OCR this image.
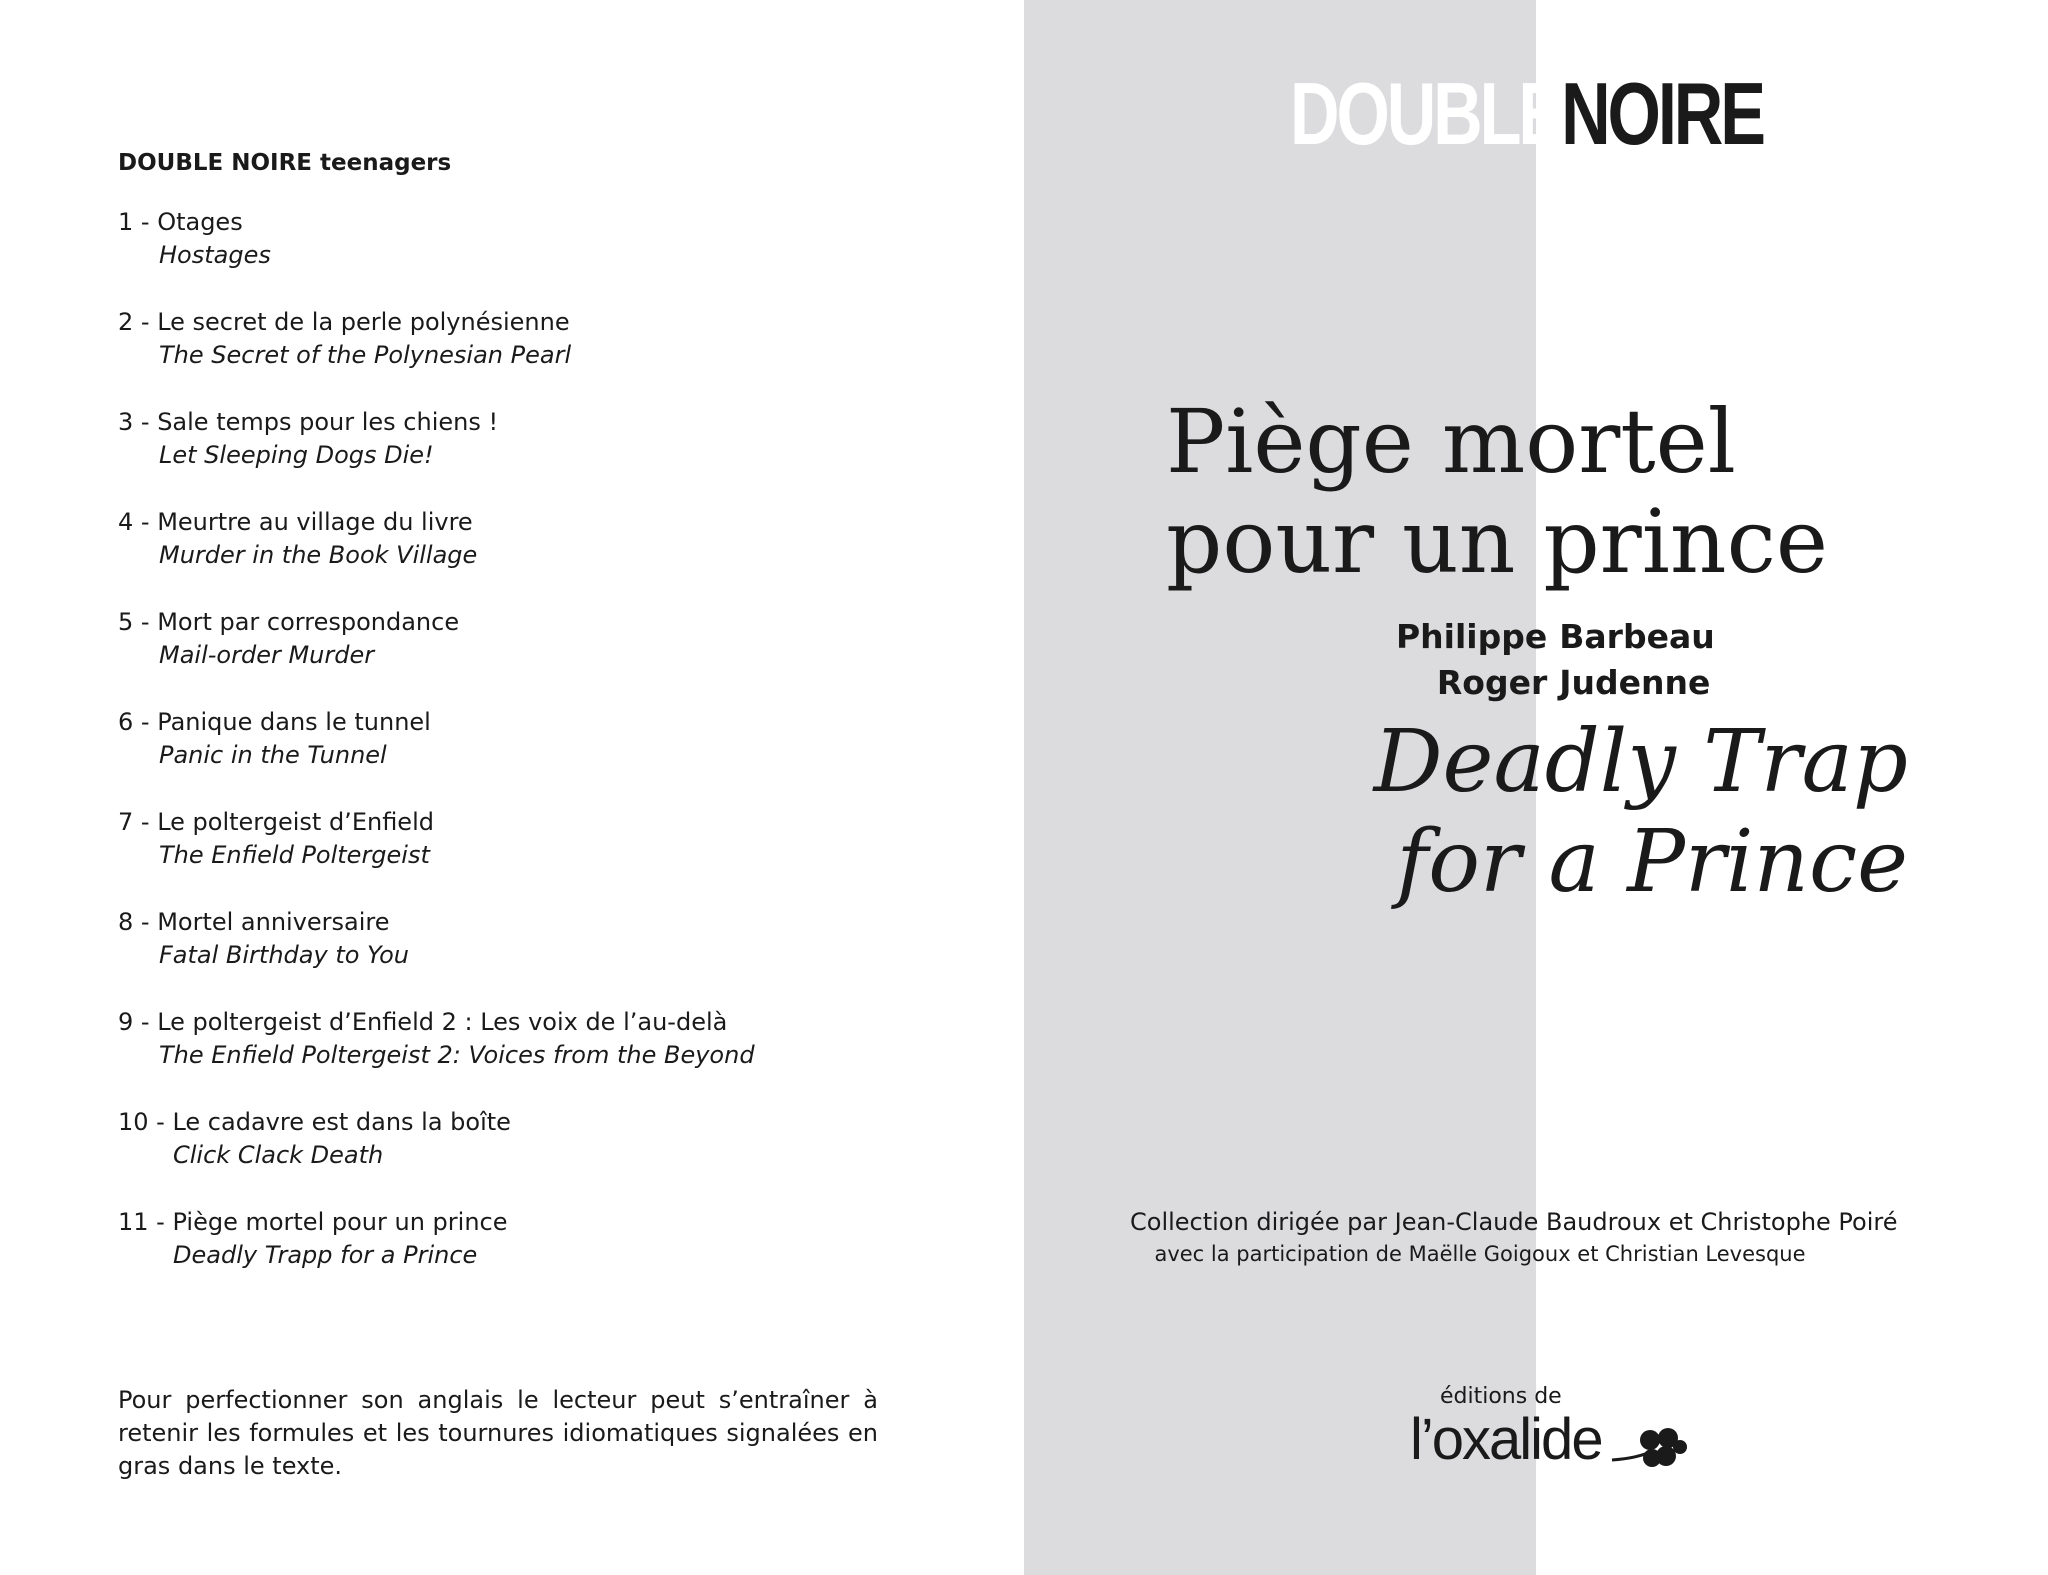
DOUBLE NOIRE teenagers
1 - Otages
Hostages
2 - Le secret de la perle polynésienne
The Secret of the Polynesian Pearl
3 - Sale temps pour les chiens !
Let Sleeping Dogs Die!
4 - Meurtre au village du livre
Murder in the Book Village
5 - Mort par correspondance
Mail-order Murder
6 - Panique dans le tunnel
Panic in the Tunnel
7 - Le poltergeist d’Enfield
The Enfield Poltergeist
8 - Mortel anniversaire
Fatal Birthday to You
9 - Le poltergeist d’Enfield 2 : Les voix de l’au-delà
The Enfield Poltergeist 2: Voices from the Beyond
10 - Le cadavre est dans la boîte
Click Clack Death
11 - Piège mortel pour un prince
Deadly Trapp for a Prince
Pour perfectionner son anglais le lecteur peut s’entraîner à retenir les formules et les tournures idiomatiques signalées en gras dans le texte.
DOUBLENOIRE
Piège mortel
pour un prince
Philippe	Barbeau
Roger	Judenne
Deadly Trap
for a Prince
Collection dirigée par Jean-Claude Baudroux et Christophe Poiré
avec la participation de Maëlle Goigoux et Christian Levesque
éditions de
l’oxalide
